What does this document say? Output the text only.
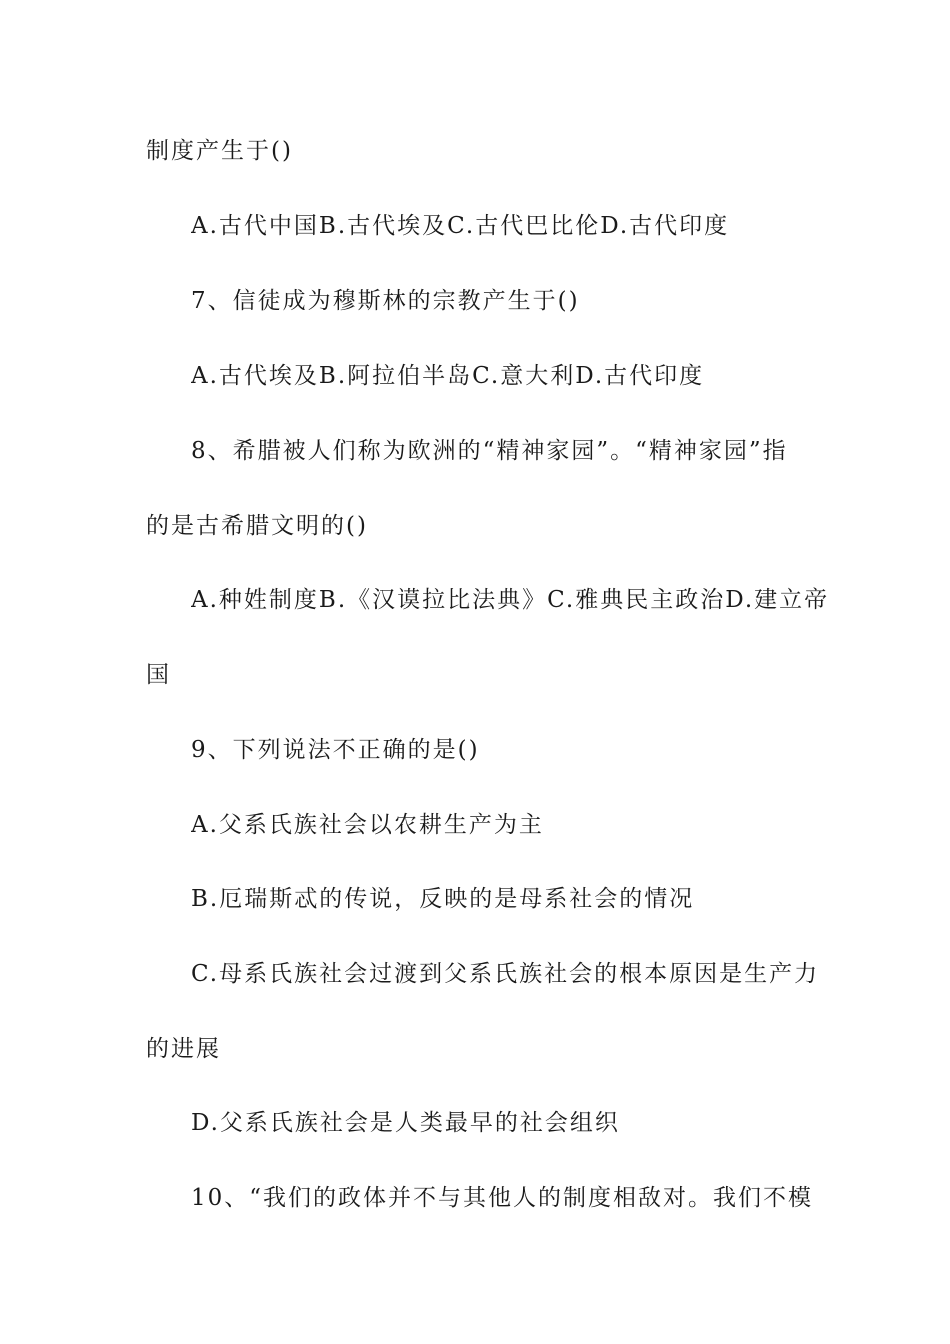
制度产生于()
A.古代中国B.古代埃及C.古代巴比伦D.古代印度
7、信徒成为穆斯林的宗教产生于()
A.古代埃及B.阿拉伯半岛C.意大利D.古代印度
8、希腊被人们称为欧洲的“精神家园”。“精神家园”指
的是古希腊文明的()
A.种姓制度B.《汉谟拉比法典》C.雅典民主政治D.建立帝
国
9、下列说法不正确的是()
A.父系氏族社会以农耕生产为主
B.厄瑞斯忒的传说，反映的是母系社会的情况
C.母系氏族社会过渡到父系氏族社会的根本原因是生产力
的进展
D.父系氏族社会是人类最早的社会组织
10、“我们的政体并不与其他人的制度相敌对。我们不模
